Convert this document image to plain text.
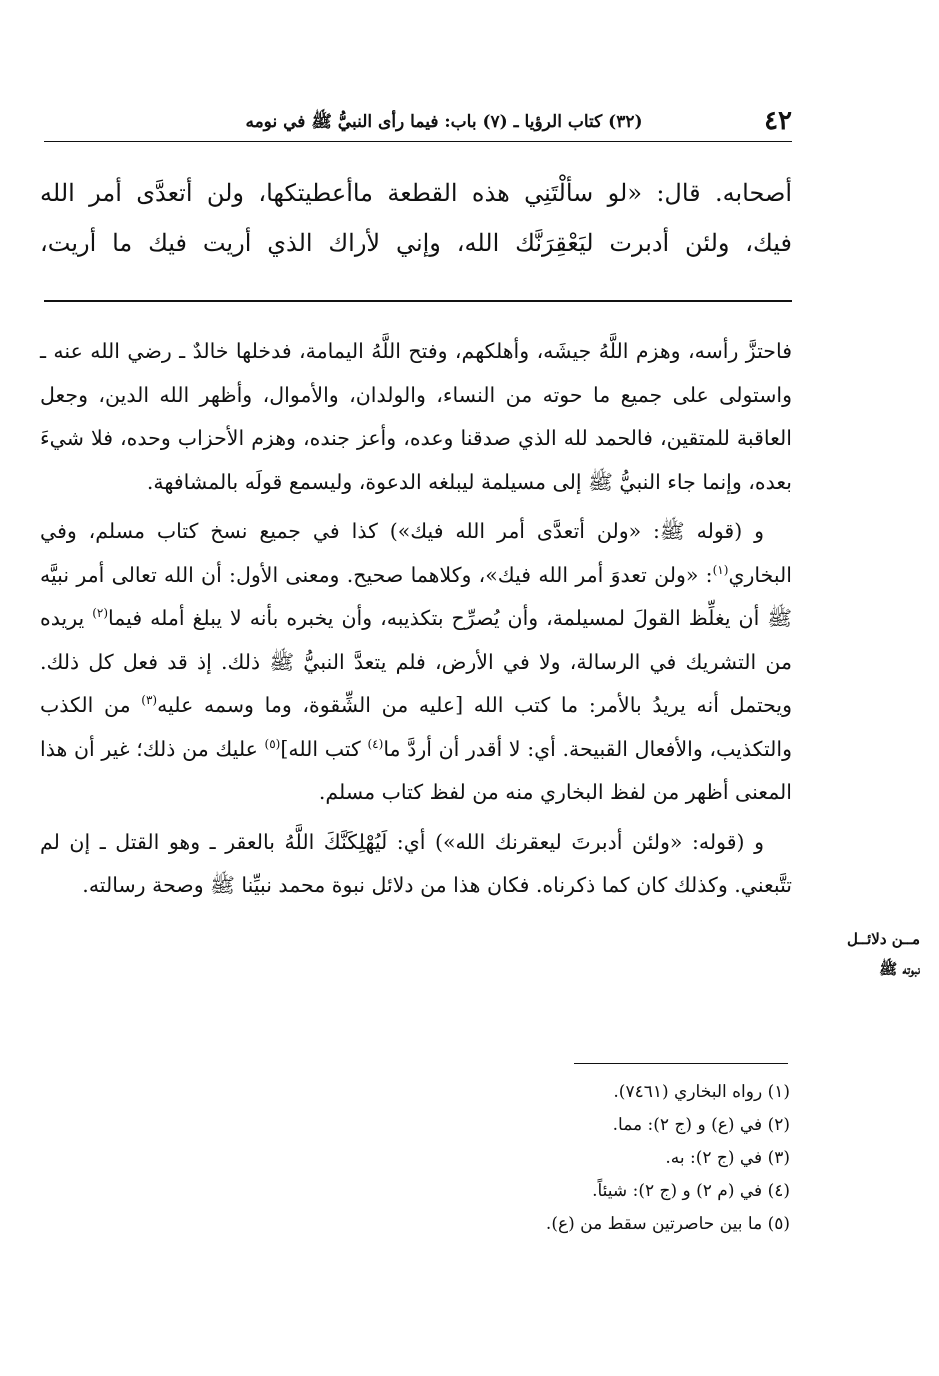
٤٢
(٣٢) كتاب الرؤيا ـ (٧) باب: فيما رأى النبيُّ ﷺ في نومه
أصحابه. قال: «لو سألْتَنِي هذه القطعة ماأعطيتكها، ولن أتعدَّى أمر الله
فيك، ولئن أدبرت ليَعْقِرَنَّك الله، وإني لأراك الذي أريت فيك ما أريت،

فاحتزَّ رأسه، وهزم اللَّهُ جيشَه، وأهلكهم، وفتح اللَّهُ اليمامة، فدخلها خالدٌ ـ رضي الله عنه ـ واستولى على جميع ما حوته من النساء، والولدان، والأموال، وأظهر الله الدين، وجعل العاقبة للمتقين، فالحمد لله الذي صدقنا وعده، وأعز جنده، وهزم الأحزاب وحده، فلا شيءَ بعده، وإنما جاء النبيُّ ﷺ إلى مسيلمة ليبلغه الدعوة، وليسمع قولَه بالمشافهة.

و (قوله ﷺ: «ولن أتعدَّى أمر الله فيك») كذا في جميع نسخ كتاب مسلم، وفي البخاري$^{(١)}$: «ولن تعدوَ أمر الله فيك»، وكلاهما صحيح. ومعنى الأول: أن الله تعالى أمر نبيَّه ﷺ أن يغلِّظ القولَ لمسيلمة، وأن يُصرِّح بتكذيبه، وأن يخبره بأنه لا يبلغ أمله فيما$^{(٢)}$ يريده من التشريك في الرسالة، ولا في الأرض، فلم يتعدَّ النبيُّ ﷺ ذلك. إذ قد فعل كل ذلك. ويحتمل أنه يريدُ بالأمر: ما كتب الله [عليه من الشِّقوة، وما وسمه عليه$^{(٣)}$ من الكذب والتكذيب، والأفعال القبيحة. أي: لا أقدر أن أردَّ ما$^{(٤)}$ كتب الله]$^{(٥)}$ عليك من ذلك؛ غير أن هذا المعنى أظهر من لفظ البخاري منه من لفظ كتاب مسلم.

و (قوله: «ولئن أدبرتَ ليعقرنك الله») أي: لَيُهْلِكَنَّكَ اللَّهُ بالعقر ـ وهو القتل ـ إن لم تتَّبعني. وكذلك كان كما ذكرناه. فكان هذا من دلائل نبوة محمد نبيِّنا ﷺ وصحة رسالته.

مــن دلائــل
نبوته ﷺ
(١) رواه البخاري (٧٤٦١).
(٢) في (ع) و (ج ٢): مما.
(٣) في (ج ٢): به.
(٤) في (م ٢) و (ج ٢): شيئاً.
(٥) ما بين حاصرتين سقط من (ع).
